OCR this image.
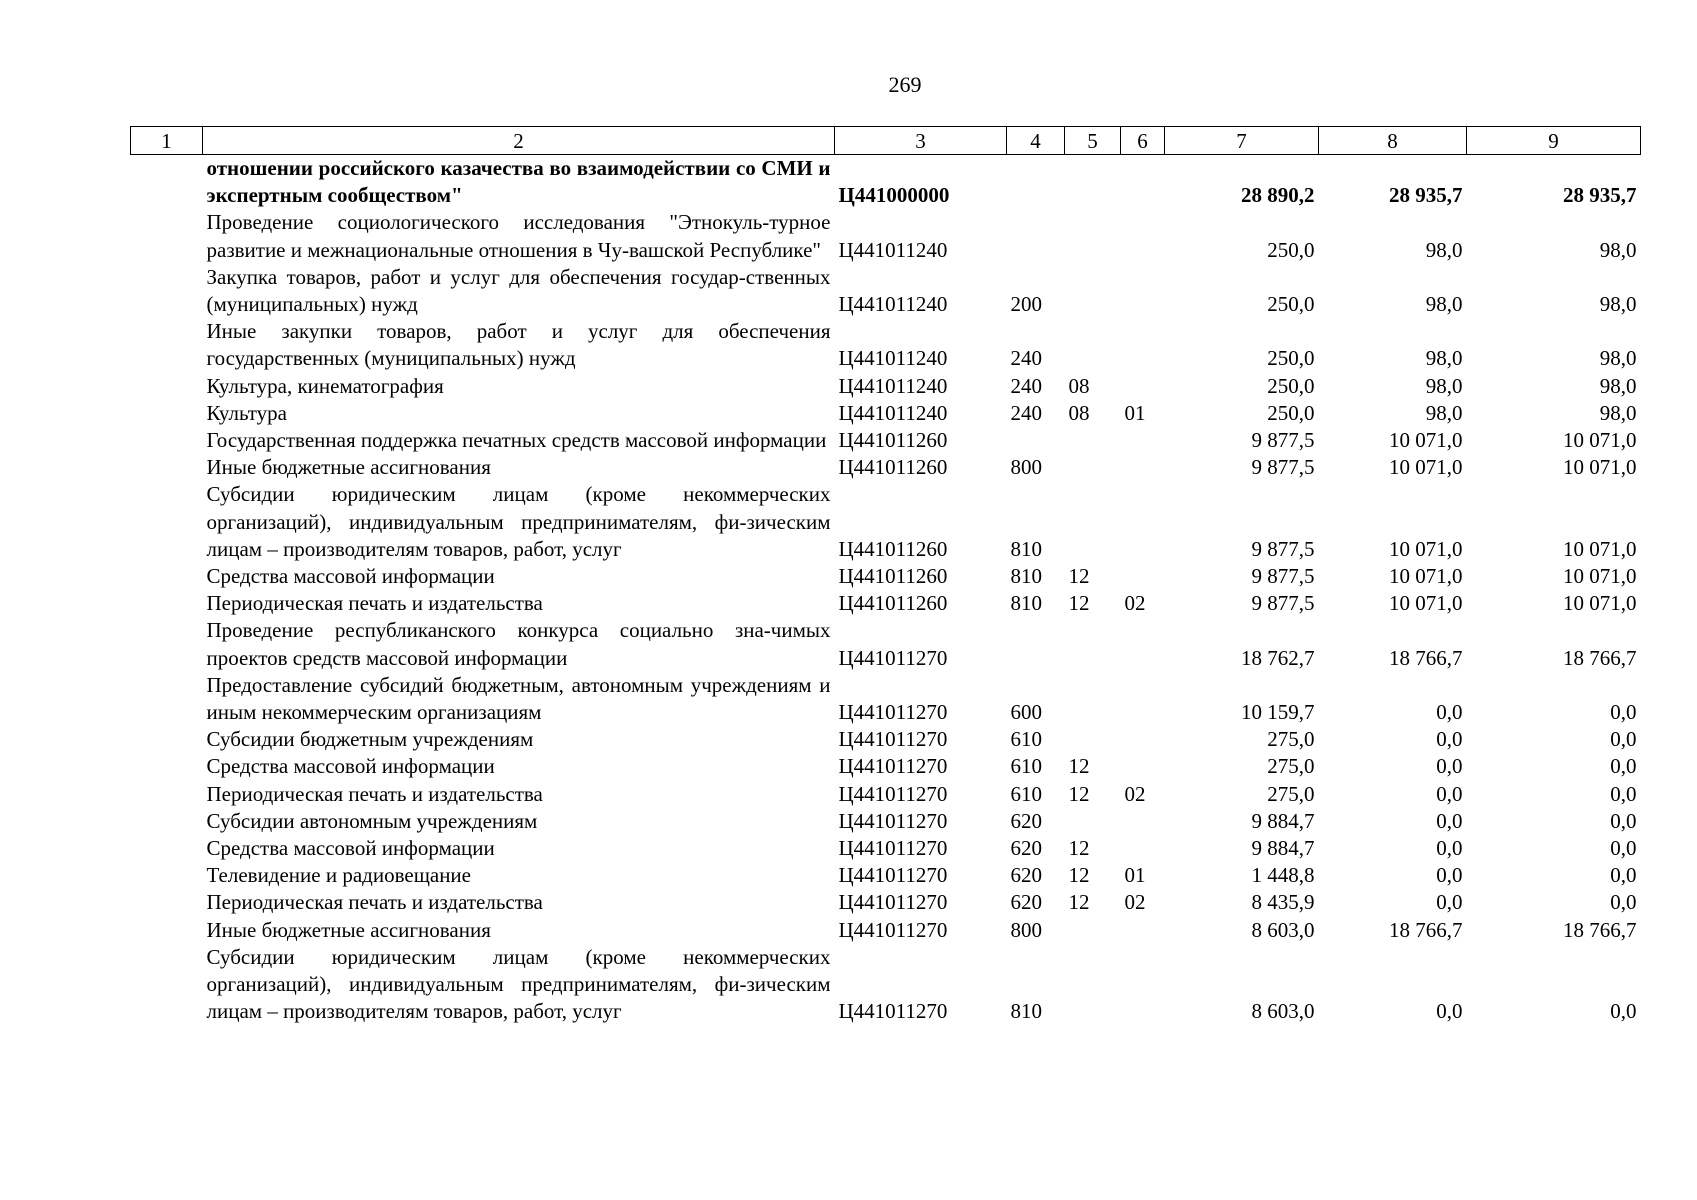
269
1	2	3	4	5	6	7	8	9
	отношении российского казачества во взаимодействии со СМИ и экспертным сообществом"	Ц441000000				28 890,2	28 935,7	28 935,7
	Проведение социологического исследования "Этнокуль-турное развитие и межнациональные отношения в Чу-вашской Республике"	Ц441011240				250,0	98,0	98,0
	Закупка товаров, работ и услуг для обеспечения государ-ственных (муниципальных) нужд	Ц441011240	200			250,0	98,0	98,0
	Иные закупки товаров, работ и услуг для обеспечения государственных (муниципальных) нужд	Ц441011240	240			250,0	98,0	98,0
	Культура, кинематография	Ц441011240	240	08		250,0	98,0	98,0
	Культура	Ц441011240	240	08	01	250,0	98,0	98,0
	Государственная поддержка печатных средств массовой информации	Ц441011260				9 877,5	10 071,0	10 071,0
	Иные бюджетные ассигнования	Ц441011260	800			9 877,5	10 071,0	10 071,0
	Субсидии юридическим лицам (кроме некоммерческих организаций), индивидуальным предпринимателям, фи-зическим лицам – производителям товаров, работ, услуг	Ц441011260	810			9 877,5	10 071,0	10 071,0
	Средства массовой информации	Ц441011260	810	12		9 877,5	10 071,0	10 071,0
	Периодическая печать и издательства	Ц441011260	810	12	02	9 877,5	10 071,0	10 071,0
	Проведение республиканского конкурса социально зна-чимых проектов средств массовой информации	Ц441011270				18 762,7	18 766,7	18 766,7
	Предоставление субсидий бюджетным, автономным учреждениям и иным некоммерческим организациям	Ц441011270	600			10 159,7	0,0	0,0
	Субсидии бюджетным учреждениям	Ц441011270	610			275,0	0,0	0,0
	Средства массовой информации	Ц441011270	610	12		275,0	0,0	0,0
	Периодическая печать и издательства	Ц441011270	610	12	02	275,0	0,0	0,0
	Субсидии автономным учреждениям	Ц441011270	620			9 884,7	0,0	0,0
	Средства массовой информации	Ц441011270	620	12		9 884,7	0,0	0,0
	Телевидение и радиовещание	Ц441011270	620	12	01	1 448,8	0,0	0,0
	Периодическая печать и издательства	Ц441011270	620	12	02	8 435,9	0,0	0,0
	Иные бюджетные ассигнования	Ц441011270	800			8 603,0	18 766,7	18 766,7
	Субсидии юридическим лицам (кроме некоммерческих организаций), индивидуальным предпринимателям, фи-зическим лицам – производителям товаров, работ, услуг	Ц441011270	810			8 603,0	0,0	0,0
